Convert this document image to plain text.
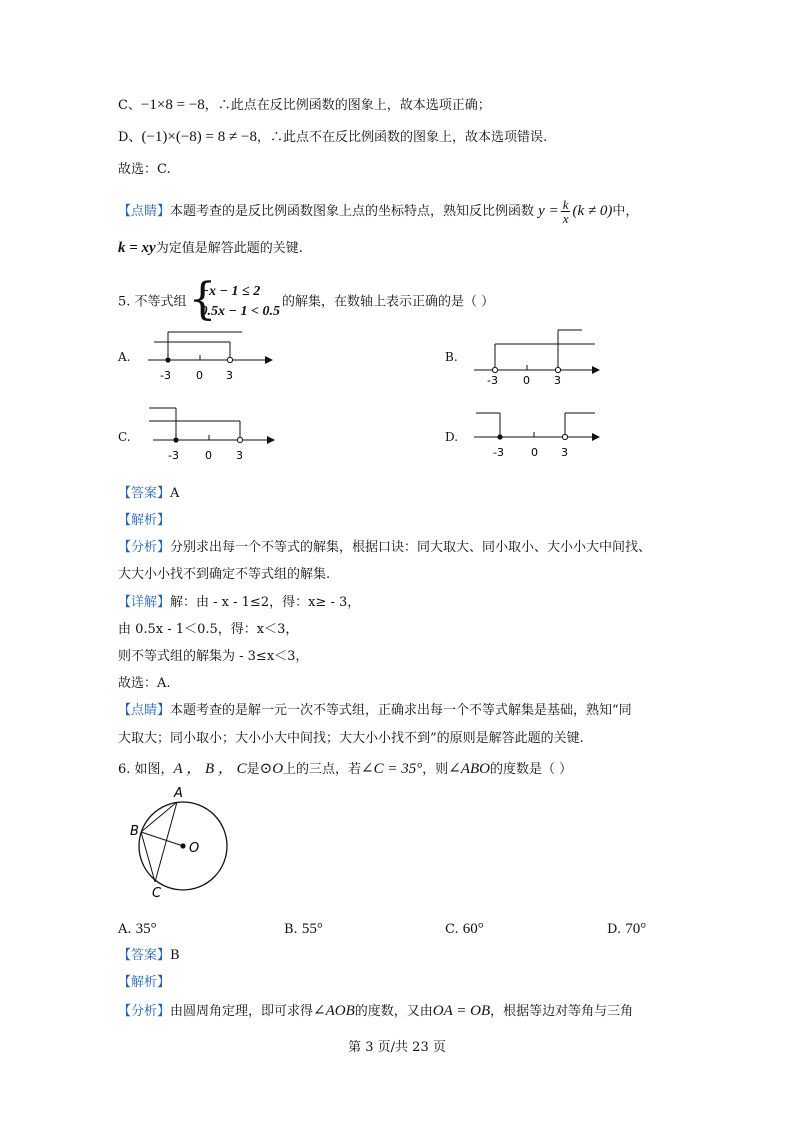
C、−1×8 = −8，∴此点在反比例函数的图象上，故本选项正确；
D、(−1)×(−8) = 8 ≠ −8，∴此点不在反比例函数的图象上，故本选项错误.
故选：C.
【点睛】本题考查的是反比例函数图象上点的坐标特点，熟知反比例函数 $y = \frac{k}{x} (k \ne 0)$中，
k = xy为定值是解答此题的关键.
5. 不等式组 {
−x − 1 ≤ 2
0.5x − 1 < 0.5
的解集，在数轴上表示正确的是（ ）
A.
-3 0 3
B.
-3 0 3
C.
-3 0 3
D.
-3 0 3
【答案】A
【解析】
【分析】分别求出每一个不等式的解集，根据口诀：同大取大、同小取小、大小小大中间找、
大大小小找不到确定不等式组的解集.
【详解】解：由 - x - 1≤2，得：x≥ - 3，
由 0.5x - 1＜0.5，得：x＜3，
则不等式组的解集为 - 3≤x＜3，
故选：A.
【点睛】本题考查的是解一元一次不等式组，正确求出每一个不等式解集是基础，熟知“同
大取大；同小取小；大小小大中间找；大大小小找不到”的原则是解答此题的关键.
6. 如图，A ， B ， C是⊙O上的三点，若∠C = 35°，则∠ABO的度数是（ ）
A
B
C
O
A. 35°	B. 55°	C. 60°	D. 70°
【答案】B
【解析】
【分析】由圆周角定理，即可求得∠AOB的度数，又由OA = OB，根据等边对等角与三角
第 3 页/共 23 页
